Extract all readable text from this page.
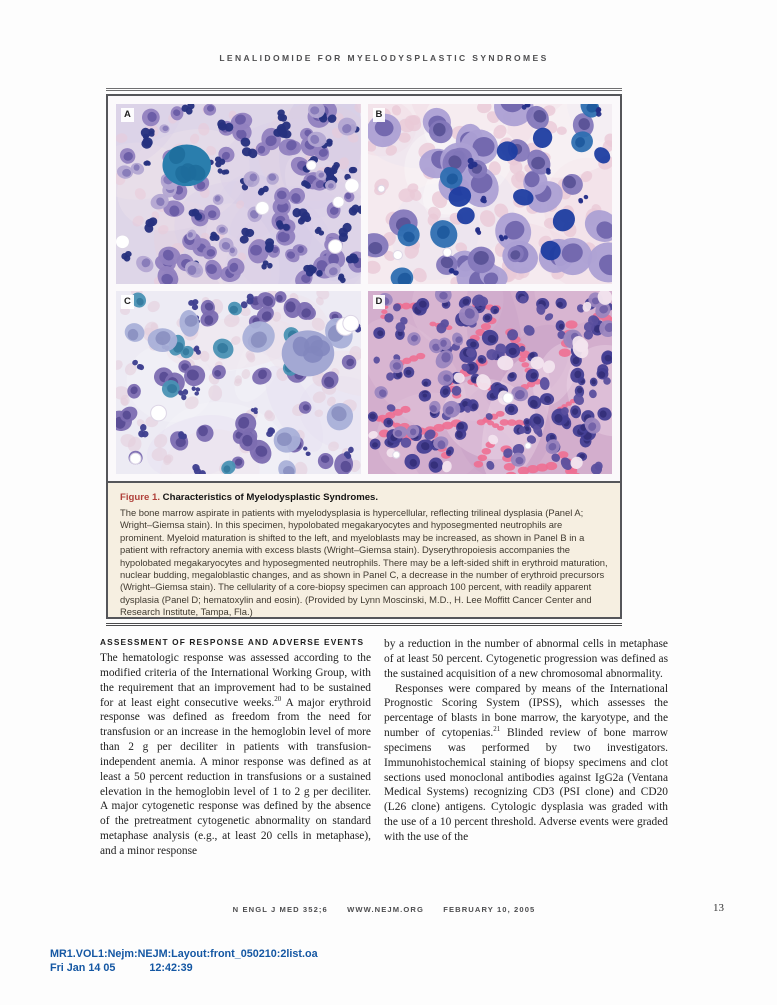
LENALIDOMIDE FOR MYELODYSPLASTIC SYNDROMES
A	B
C	D
Figure 1. Characteristics of Myelodysplastic Syndromes.
The bone marrow aspirate in patients with myelodysplasia is hypercellular, reflecting trilineal dysplasia (Panel A; Wright–Giemsa stain). In this specimen, hypolobated megakaryocytes and hyposegmented neutrophils are prominent. Myeloid maturation is shifted to the left, and myeloblasts may be increased, as shown in Panel B in a patient with refractory anemia with excess blasts (Wright–Giemsa stain). Dyserythropoiesis accompanies the hypolobated megakaryocytes and hyposegmented neutrophils. There may be a left-sided shift in erythroid maturation, nuclear budding, megaloblastic changes, and as shown in Panel C, a decrease in the number of erythroid precursors (Wright–Giemsa stain). The cellularity of a core-biopsy specimen can approach 100 percent, with readily apparent dysplasia (Panel D; hematoxylin and eosin). (Provided by Lynn Moscinski, M.D., H. Lee Moffitt Cancer Center and Research Institute, Tampa, Fla.)
ASSESSMENT OF RESPONSE AND ADVERSE EVENTS

The hematologic response was assessed according to the modified criteria of the International Working Group, with the requirement that an improvement had to be sustained for at least eight consecutive weeks.$^{20}$ A major erythroid response was defined as freedom from the need for transfusion or an increase in the hemoglobin level of more than 2 g per deciliter in patients with transfusion-independent anemia. A minor response was defined as at least a 50 percent reduction in transfusions or a sustained elevation in the hemoglobin level of 1 to 2 g per deciliter. A major cytogenetic response was defined by the absence of the pretreatment cytogenetic abnormality on standard metaphase analysis (e.g., at least 20 cells in metaphase), and a minor response

by a reduction in the number of abnormal cells in metaphase of at least 50 percent. Cytogenetic progression was defined as the sustained acquisition of a new chromosomal abnormality.

Responses were compared by means of the International Prognostic Scoring System (IPSS), which assesses the percentage of blasts in bone marrow, the karyotype, and the number of cytopenias.$^{21}$ Blinded review of bone marrow specimens was performed by two investigators. Immunohistochemical staining of biopsy specimens and clot sections used monoclonal antibodies against IgG2a (Ventana Medical Systems) recognizing CD3 (PSI clone) and CD20 (L26 clone) antigens. Cytologic dysplasia was graded with the use of a 10 percent threshold. Adverse events were graded with the use of the

N ENGL J MED 352;6	WWW.NEJM.ORG	FEBRUARY 10, 2005	13
MR1.VOL1:Nejm:NEJM:Layout:front_050210:2list.oa
Fri Jan 14 05	12:42:39
